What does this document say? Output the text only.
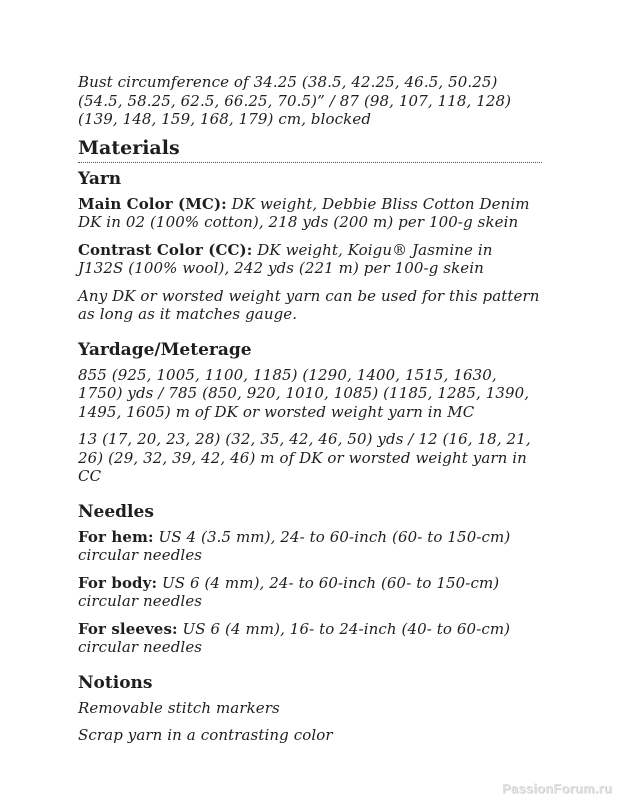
Bust circumference of 34.25 (38.5, 42.25, 46.5, 50.25) (54.5, 58.25, 62.5, 66.25, 70.5)” / 87 (98, 107, 118, 128) (139, 148, 159, 168, 179) cm, blocked

Materials
Yarn

Main Color (MC): DK weight, Debbie Bliss Cotton Denim DK in 02 (100% cotton), 218 yds (200 m) per 100-g skein

Contrast Color (CC): DK weight, Koigu® Jasmine in J132S (100% wool), 242 yds (221 m) per 100-g skein

Any DK or worsted weight yarn can be used for this pattern as long as it matches gauge.

Yardage/Meterage

855 (925, 1005, 1100, 1185) (1290, 1400, 1515, 1630, 1750) yds / 785 (850, 920, 1010, 1085) (1185, 1285, 1390, 1495, 1605) m of DK or worsted weight yarn in MC

13 (17, 20, 23, 28) (32, 35, 42, 46, 50) yds / 12 (16, 18, 21, 26) (29, 32, 39, 42, 46) m of DK or worsted weight yarn in CC

Needles

For hem: US 4 (3.5 mm), 24- to 60-inch (60- to 150-cm) circular needles

For body: US 6 (4 mm), 24- to 60-inch (60- to 150-cm) circular needles

For sleeves: US 6 (4 mm), 16- to 24-inch (40- to 60-cm) circular needles

Notions

Removable stitch markers

Scrap yarn in a contrasting color

PassionForum.ru
